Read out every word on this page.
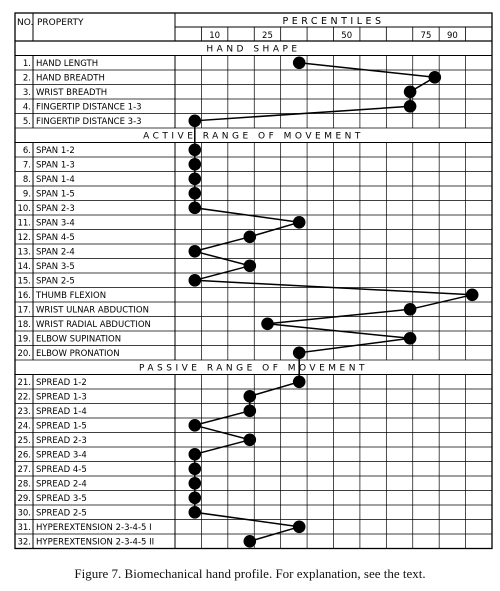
NO. PROPERTY	PERCENTILES
10	25	50	75 90
HAND SHAPE
ACTIVE RANGE OF MOVEMENT
PASSIVE RANGE OF MOVEMENT
1. HAND LENGTH
2. HAND BREADTH
3. WRIST BREADTH
4. FINGERTIP DISTANCE 1-3
5. FINGERTIP DISTANCE 3-3
6. SPAN 1-2
7. SPAN 1-3
8. SPAN 1-4
9. SPAN 1-5
10. SPAN 2-3
11. SPAN 3-4
12. SPAN 4-5
13. SPAN 2-4
14. SPAN 3-5
15. SPAN 2-5
16. THUMB FLEXION
17. WRIST ULNAR ABDUCTION
18. WRIST RADIAL ABDUCTION
19. ELBOW SUPINATION
20. ELBOW PRONATION
21. SPREAD 1-2
22. SPREAD 1-3
23. SPREAD 1-4
24. SPREAD 1-5
25. SPREAD 2-3
26. SPREAD 3-4
27. SPREAD 4-5
28. SPREAD 2-4
29. SPREAD 3-5
30. SPREAD 2-5
31. HYPEREXTENSION 2-3-4-5 I
32. HYPEREXTENSION 2-3-4-5 II
Figure 7. Biomechanical hand profile. For explanation, see the text.
